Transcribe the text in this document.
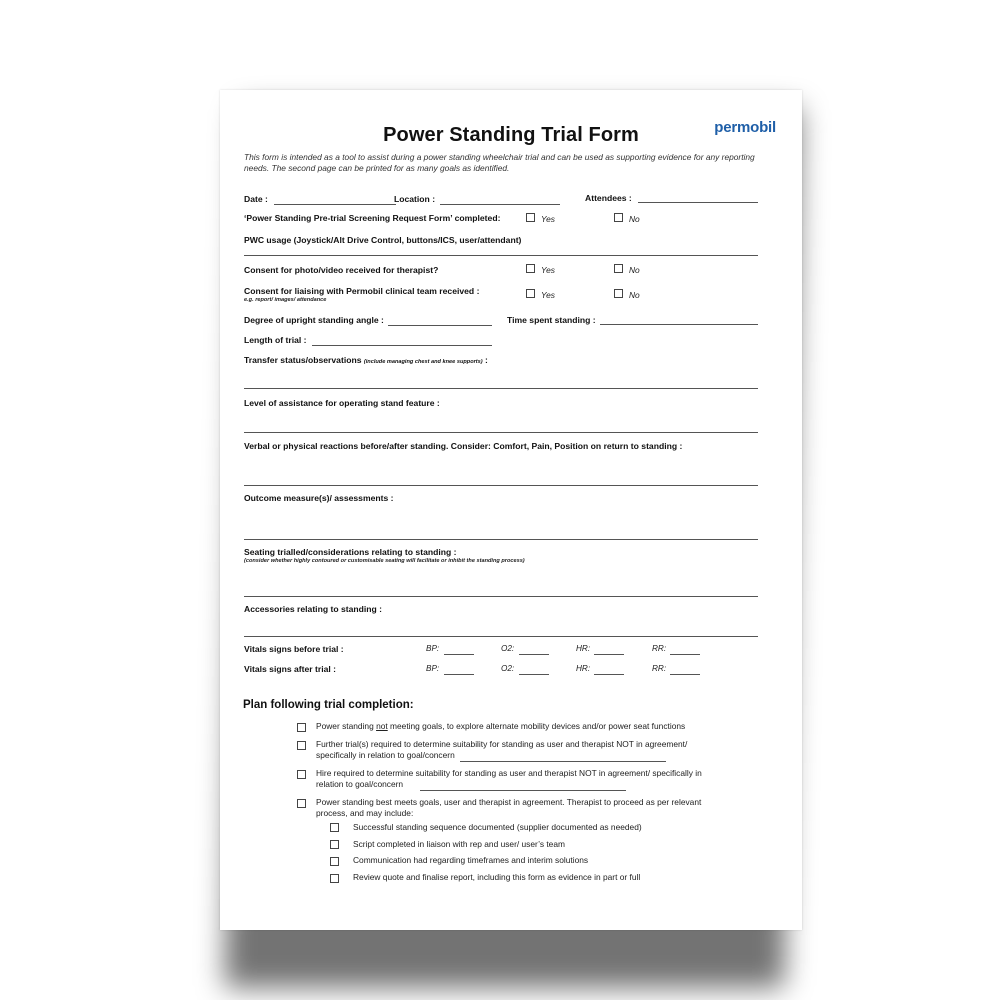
Power Standing Trial Form	permobil
This form is intended as a tool to assist during a power standing wheelchair trial and can be used as supporting evidence for any reporting needs. The second page can be printed for as many goals as identified.
Date :	Location :	Attendees :
‘Power Standing Pre-trial Screening Request Form’ completed:	Yes	No
PWC usage (Joystick/Alt Drive Control, buttons/ICS, user/attendant)
Consent for photo/video received for therapist?	Yes	No
Consent for liaising with Permobil clinical team received :
e.g. report/ images/ attendance	Yes	No
Degree of upright standing angle :	Time spent standing :
Length of trial :
Transfer status/observations (include managing chest and knee supports) :
Level of assistance for operating stand feature :
Verbal or physical reactions before/after standing. Consider: Comfort, Pain, Position on return to standing :
Outcome measure(s)/ assessments :
Seating trialled/considerations relating to standing :
(consider whether highly contoured or customisable seating will facilitate or inhibit the standing process)
Accessories relating to standing :
Vitals signs before trial :	BP:	O2:	HR:	RR:
Vitals signs after trial :	BP:	O2:	HR:	RR:
Plan following trial completion:
Power standing not meeting goals, to explore alternate mobility devices and/or power seat functions
Further trial(s) required to determine suitability for standing as user and therapist NOT in agreement/
specifically in relation to goal/concern
Hire required to determine suitability for standing as user and therapist NOT in agreement/ specifically in
relation to goal/concern
Power standing best meets goals, user and therapist in agreement. Therapist to proceed as per relevant
process, and may include:
Successful standing sequence documented (supplier documented as needed)
Script completed in liaison with rep and user/ user’s team
Communication had regarding timeframes and interim solutions
Review quote and finalise report, including this form as evidence in part or full
